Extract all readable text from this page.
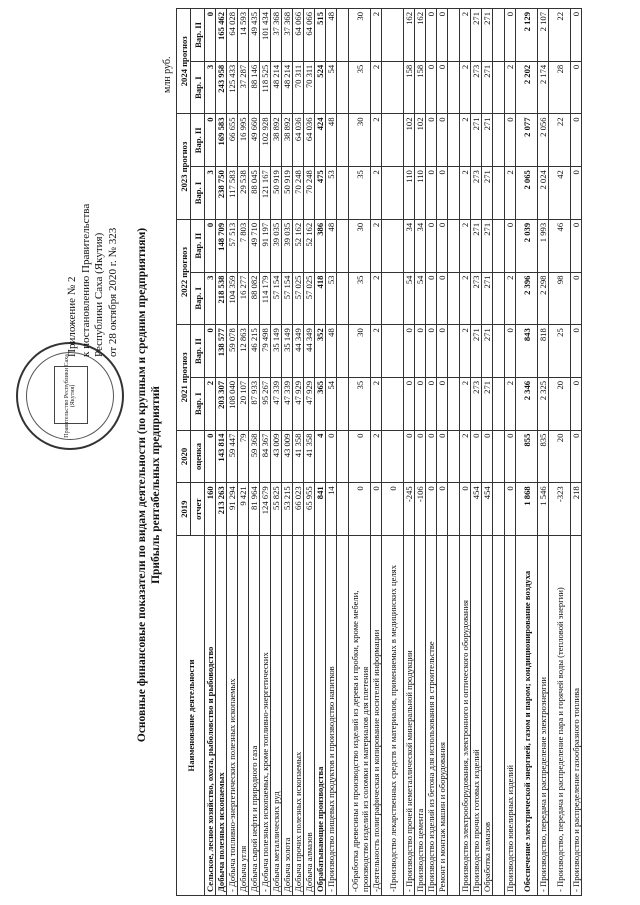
Правительство Республики Саха (Якутия)
Приложение № 2 к постановлению Правительства Республики Саха (Якутия) от 28 октября 2020 г. № 323 Основные финансовые показатели по видам деятельности (по крупным и средним предприятиям) Прибыль рентабельных предприятий
млн руб.
Наименование деятельности	2019	2020	2021 прогноз		2022 прогноз		2023 прогноз		2024 прогноз	
	отчет	оценка	Вар. I	Вар. II	Вар. I	Вар. II	Вар. I	Вар. II	Вар. I	Вар. II

Сельское, лесное хозяйство, охота, рыболовство и рыбоводство	160	0	2	0	3	0	3	0	3	0
Добыча полезных ископаемых	213 263	143 814	203 307	138 577	218 538	148 709	238 750	169 583	243 958	165 462
- Добыча топливно-энергетических полезных ископаемых	91 294	59 447	108 040	59 078	104 359	57 513	117 583	66 655	125 433	64 028
Добыча угля	9 421	79	20 107	12 863	16 277	7 803	29 538	16 995	37 287	14 593
Добыча сырой нефти и природного газа	81 964	59 368	87 933	46 215	88 082	49 710	88 045	49 660	88 146	49 435
- Добыча полезных ископаемых, кроме топливно-энергетических	124 679	84 367	95 267	79 498	114 179	91 197	121 167	102 928	118 525	101 434
Добыча металлических руд	55 825	43 009	47 339	35 149	57 154	39 035	50 919	38 892	48 214	37 368
Добыча золота	53 215	43 009	47 339	35 149	57 154	39 035	50 919	38 892	48 214	37 368
Добыча прочих полезных ископаемых	66 023	41 358	47 929	44 349	57 025	52 162	70 248	64 036	70 311	64 066
Добыча алмазов	65 955	41 358	47 929	44 349	57 025	52 162	70 248	64 036	70 311	64 066
Обрабатывающие производства	841	4	365	352	418	386	475	424	524	515
- Производство пищевых продуктов и производство напитков	14	0	54	48	53	48	53	48	54	48

-Обработка древесины и производство изделий из дерева и пробки, кроме мебели, производство изделий из соломки и материалов для плетения	0	0	35	30	35	30	35	30	35	30
-Деятельность полиграфическая и копирование носителей информации	0	2	2	2	2	2	2	2	2	2
-Производство лекарственных средств и материалов, применяемых в медицинских целях	0									
- Производство прочей неметаллической минеральной продукции	-245	0	0	0	54	34	110	102	158	162
Производство цемента	-106	0	0	0	54	34	110	102	158	162
Производство изделий из бетона для использования в строительстве	0	0	0	0	0	0	0	0	0	0
Ремонт и монтаж машин и оборудования	0	0	0	0	0	0	0	0	0	0

Производство электрооборудования, электронного и оптического оборудования	0	2	2	2	2	2	2	2	2	2
Производство прочих готовых изделий	454	0	273	271	273	271	273	271	273	271
Обработка алмазов	454	0	271	271	271	271	271	271	271	271

Производство ювелирных изделий	0	0	2	0	2	0	2	0	2	0
Обеспечение электрической энергией, газом и паром; кондиционирование воздуха	1 868	855	2 346	843	2 396	2 039	2 065	2 077	2 202	2 129
- Производство, передача и распределение электроэнергии	1 546	835	2 325	818	2 298	1 993	2 024	2 056	2 174	2 107
- Производство, передача и распределение пара и горячей воды (тепловой энергии)	-323	20	20	25	98	46	42	22	28	22
- Производство и распределение газообразного топлива	218	0	0	0	0	0	0	0	0	0
